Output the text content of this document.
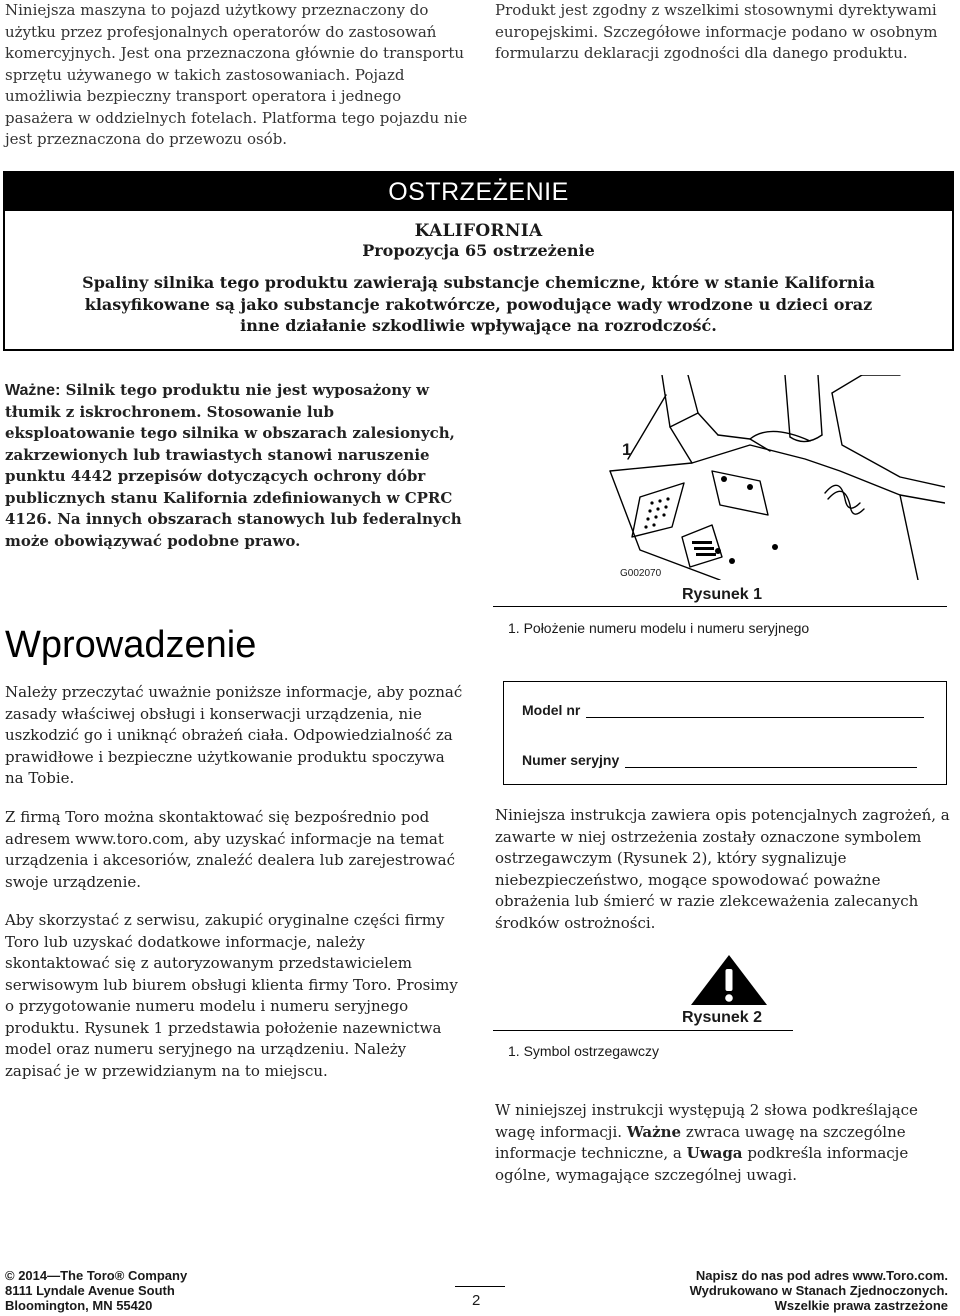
Niniejsza maszyna to pojazd użytkowy przeznaczony do użytku przez profesjonalnych operatorów do zastosowań komercyjnych. Jest ona przeznaczona głównie do transportu sprzętu używanego w takich zastosowaniach. Pojazd umożliwia bezpieczny transport operatora i jednego pasażera w oddzielnych fotelach. Platforma tego pojazdu nie jest przeznaczona do przewozu osób.

Produkt jest zgodny z wszelkimi stosownymi dyrektywami europejskimi. Szczegółowe informacje podano w osobnym formularzu deklaracji zgodności dla danego produktu.

OSTRZEŻENIE
KALIFORNIA
Propozycja 65 ostrzeżenie
Spaliny silnika tego produktu zawierają substancje chemiczne, które w stanie Kalifornia klasyfikowane są jako substancje rakotwórcze, powodujące wady wrodzone u dzieci oraz inne działanie szkodliwie wpływające na rozrodczość.
Ważne: Silnik tego produktu nie jest wyposażony w tłumik z iskrochronem. Stosowanie lub eksploatowanie tego silnika w obszarach zalesionych, zakrzewionych lub trawiastych stanowi naruszenie punktu 4442 przepisów dotyczących ochrony dóbr publicznych stanu Kalifornia zdefiniowanych w CPRC 4126. Na innych obszarach stanowych lub federalnych może obowiązywać podobne prawo.
Wprowadzenie

Należy przeczytać uważnie poniższe informacje, aby poznać zasady właściwej obsługi i konserwacji urządzenia, nie uszkodzić go i uniknąć obrażeń ciała. Odpowiedzialność za prawidłowe i bezpieczne użytkowanie produktu spoczywa na Tobie.

Z firmą Toro można skontaktować się bezpośrednio pod adresem www.toro.com, aby uzyskać informacje na temat urządzenia i akcesoriów, znaleźć dealera lub zarejestrować swoje urządzenie.

Aby skorzystać z serwisu, zakupić oryginalne części firmy Toro lub uzyskać dodatkowe informacje, należy skontaktować się z autoryzowanym przedstawicielem serwisowym lub biurem obsługi klienta firmy Toro. Prosimy o przygotowanie numeru modelu i numeru seryjnego produktu. Rysunek 1 przedstawia położenie nazewnictwa model oraz numeru seryjnego na urządzeniu. Należy zapisać je w przewidzianym na to miejscu.

1
G002070
Rysunek 1
1. Położenie numeru modelu i numeru seryjnego
Model nr
Numer seryjny

Niniejsza instrukcja zawiera opis potencjalnych zagrożeń, a zawarte w niej ostrzeżenia zostały oznaczone symbolem ostrzegawczym (Rysunek 2), który sygnalizuje niebezpieczeństwo, mogące spowodować poważne obrażenia lub śmierć w razie zlekceważenia zalecanych środków ostrożności.

Rysunek 2
1. Symbol ostrzegawczy

W niniejszej instrukcji występują 2 słowa podkreślające wagę informacji. Ważne zwraca uwagę na szczególne informacje techniczne, a Uwaga podkreśla informacje ogólne, wymagające szczególnej uwagi.

© 2014—The Toro® Company
8111 Lyndale Avenue South
Bloomington, MN 55420	2
Napisz do nas pod adres www.Toro.com.
Wydrukowano w Stanach Zjednoczonych.
Wszelkie prawa zastrzeżone
